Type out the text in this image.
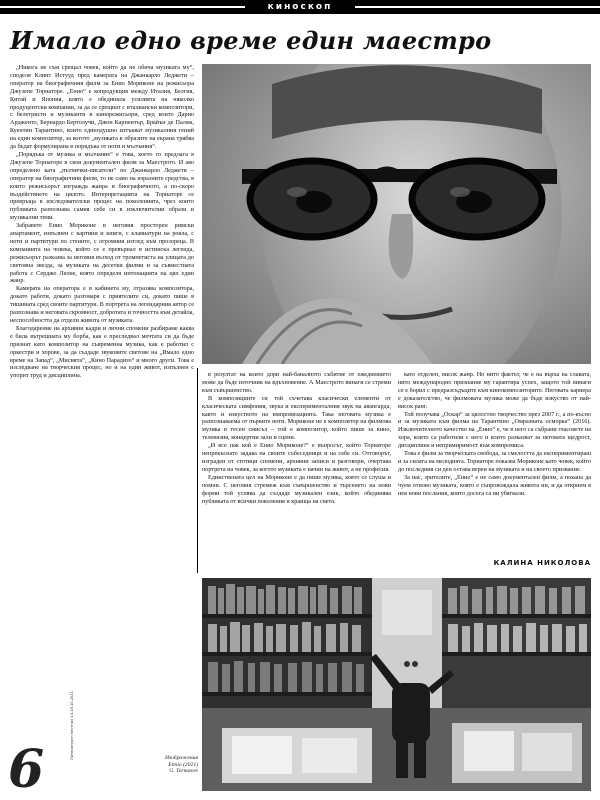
киноскоп
Имало едно време един маестро

„Никога не съм срещал човек, който да не обича музиката му“, споделя Клинт Истууд пред камерата на Джанкарло Леджети – оператор на биографичния филм за Енио Мориконе на режисьора Джузепе Торнаторе. „Енио“ е копродукция между Италия, Белгия, Китай и Япония, която е обединила усилията на няколко продуцентски компании, за да се срещнат с италиански композитори, с белетристи и музиканти в кинорежисьори, сред които Дарио Ардженто, Бернардо Бертолучи, Джон Карпентър, Брайън де Палма, Куентин Тарантино, които единодушно изтъкват музикалния гений на един композитор, за когото „музиката в образите на екрана трябва да бъдат формулирана в порядъка от ноти и мълчания“.

„Порядъка от музика и мълчание“ е това, което го предлага в Джузепе Торнаторе в своя документален филм за Маестрото. И ако определено ката „пътнички-писатели“ по Джанкарло Леджети – оператор на биографичния филм, то не само на изразните средства, в които режисьорът изгражда жанра и биографичното, а по-скоро въздействието на цялото. Интерпретацията на Торнаторе се превръща в изследователски процес на поколенията, чрез които публиката разпознава самия себе си в изключителни образи и музикални теми.

Забравете Енио Мориконе в неговия просторен римски апартамент, изпълнен с картини и книги, с клавиатури на рояла, с ноти и партитури по стените, с огромния изглед към прозореца. В компанията на човека, който се е превърнал в истинска легенда, режисьорът разказва за неговия възход от тромпетиста на улицата до световна звезда, за музиката на десетки филми и за съвместната работа с Серджо Леоне, която определя интонацията на цял един жанр.

Камерата на оператора е в кабинета му, отразява композитора, докато работи, докато разговаря с приятелите си, докато пише в тишината сред своите партитури. В портрета на легендарния автор се разпознава и неговата скромност, добротата и точността към детайла, неспособността да отдели живота от музиката.

Благодарение на архивни кадри и лични спомени разбираме каква е била вътрешната му борба, как е преследвал мечтата си да бъде признат като композитор на съвременна музика, как е работил с оркестри и хорове, за да създаде звуковите светове на „Имало едно време на Запад“, „Мисията“, „Кино Парадизо“ и много други. Това е изследване на творческия процес, но и на един живот, изпълнен с упорит труд и дисциплина.	в резултат на които дори най-баналното събитие от ежедневието може да бъде източник на вдъхновение. А Маестрото винаги се стреми към съвършенство.

В композициите си той съчетава класически елементи от класическата симфония, звука и експерименталния звук на авангарда, както и изкуството на импровизацията. Така неговата музика е разпознаваема от първите ноти. Мориконе не е композитор на филмова музика в тесен смисъл – той е композитор, който пише за кино, телевизия, концертни зали и сцени.

„И все пак кой е Енио Мориконе?“ е въпросът, който Торнаторе непрекъснато задава на своите събеседници и на себе си. Отговорът, изграден от стотици спомени, архивни записи и разговори, очертава портрета на човек, за когото музиката е начин на живот, а не професия.

Единствената цел на Мориконе е да пише музика, която се слуша и помни. С неговия стремеж към съвършенство и търсенето на нови форми той успява да създаде музикален език, който обединява публиката от всички поколения и краища на света.

като отделен, висок жанр. Но нито фактът, че е на върха на славата, нито международно признание му гарантира успех, защото той винаги се е борил с предразсъдъците към кинокомпозиторите. Неговата кариера е доказателство, че филмовата музика може да бъде изкуство от най-висок ранг.

Той получава „Оскар“ за цялостно творчество през 2007 г., а по-късно и за музиката към филма на Тарантино „Омразната осморка“ (2016). Изключителното качество на „Енио“ е, че в него са събрани гласовете на хора, които са работили с него и които разказват за неговата щедрост, дисциплина и непримиримост към компромиса.

Това е филм за творческата свобода, за смелостта да експериментираш и за силата на мелодията. Торнаторе показва Мориконе като човек, който до последния си ден остава верен на музиката и на своето призвание.

За нас, зрителите, „Енио“ е не само документален филм, а покана да чуем отново музиката, която е съпровождала живота ни, и да открием в нея нови послания, които досега са ни убягвали.

КАЛИНА НИКОЛОВА
6
Литературен вестник 13-19.10.2021	Изображения
Ennio (2021)
G. Tornatore
